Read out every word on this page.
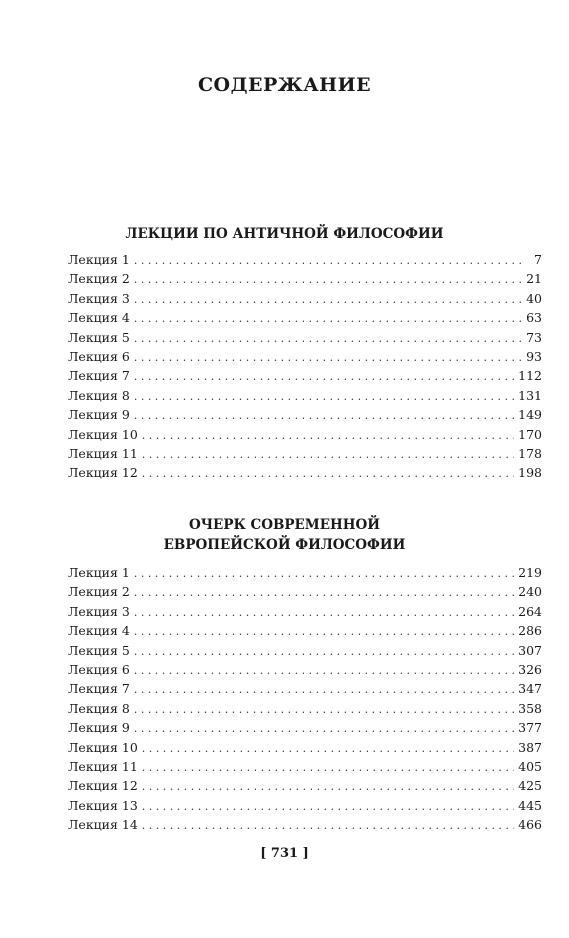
СОДЕРЖАНИЕ
ЛЕКЦИИ ПО АНТИЧНОЙ ФИЛОСОФИИ
Лекция 1 . . .	7
Лекция 2 . . .	21
Лекция 3 . . .	40
Лекция 4 . . .	63
Лекция 5 . . .	73
Лекция 6 . . .	93
Лекция 7 . . .	112
Лекция 8 . . .	131
Лекция 9 . . .	149
Лекция 10 . . .	170
Лекция 11 . . .	178
Лекция 12 . . .	198
ОЧЕРК СОВРЕМЕННОЙ
ЕВРОПЕЙСКОЙ ФИЛОСОФИИ
Лекция 1 . . .	219
Лекция 2 . . .	240
Лекция 3 . . .	264
Лекция 4 . . .	286
Лекция 5 . . .	307
Лекция 6 . . .	326
Лекция 7 . . .	347
Лекция 8 . . .	358
Лекция 9 . . .	377
Лекция 10 . . .	387
Лекция 11 . . .	405
Лекция 12 . . .	425
Лекция 13 . . .	445
Лекция 14 . . .	466
[ 731 ]
